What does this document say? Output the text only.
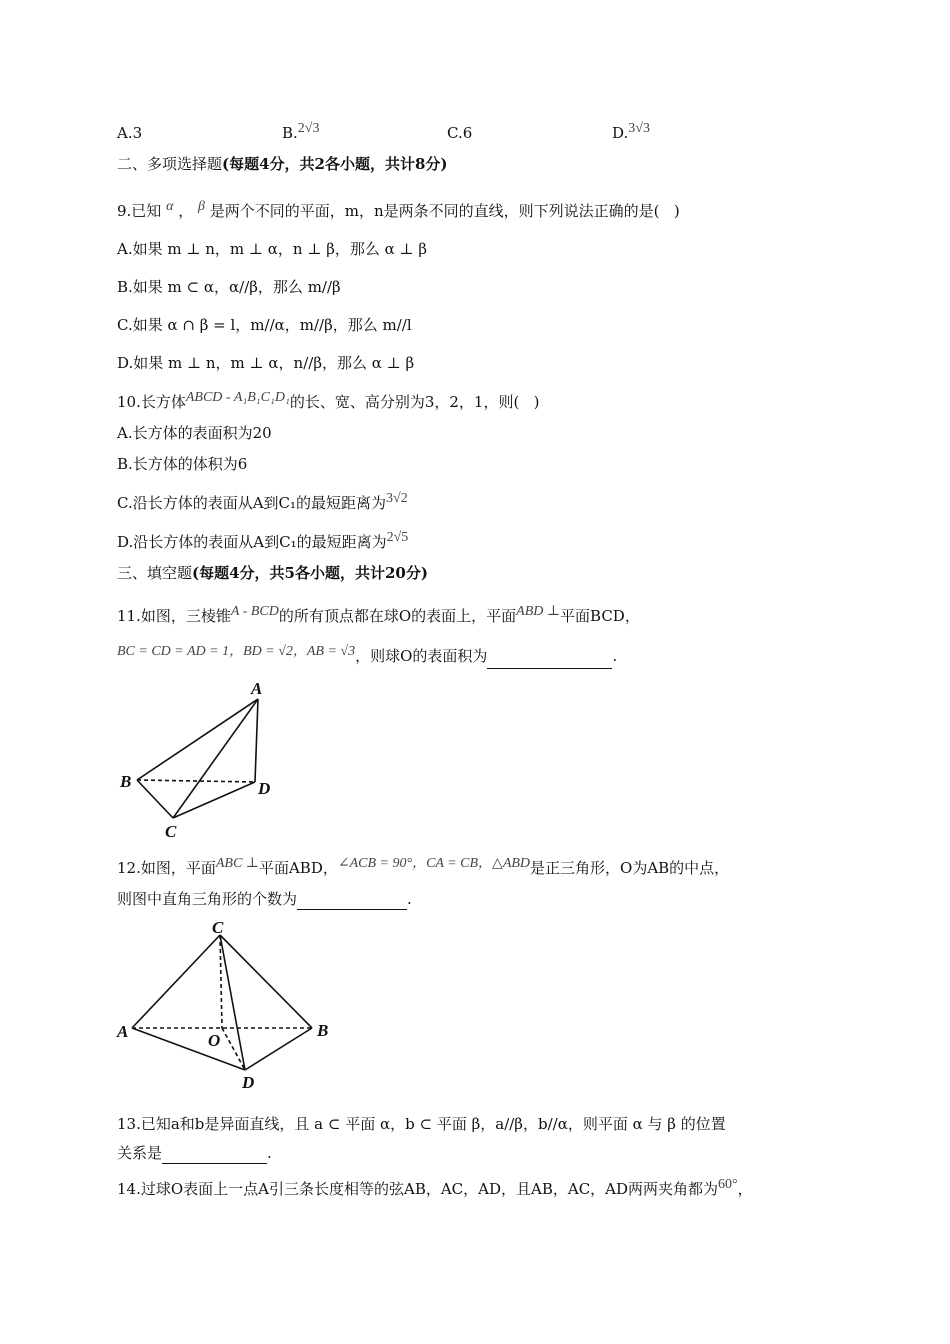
A.3	B.2√3	C.6	D.3√3
二、多项选择题(每题4分，共2各小题，共计8分)
9.已知 α ， β 是两个不同的平面，m，n是两条不同的直线，则下列说法正确的是(   )
A.如果 m ⊥ n，m ⊥ α，n ⊥ β，那么 α ⊥ β
B.如果 m ⊂ α，α//β，那么 m//β
C.如果 α ∩ β = l，m//α，m//β，那么 m//l
D.如果 m ⊥ n，m ⊥ α，n//β，那么 α ⊥ β
10.长方体ABCD - A₁B₁C₁D₁的长、宽、高分别为3，2，1，则(   )
A.长方体的表面积为20
B.长方体的体积为6
C.沿长方体的表面从A到C₁的最短距离为3√2
D.沿长方体的表面从A到C₁的最短距离为2√5
三、填空题(每题4分，共5各小题，共计20分)
11.如图，三棱锥A - BCD的所有顶点都在球O的表面上，平面ABD ⊥平面BCD，
BC = CD = AD = 1，BD = √2，AB = √3，则球O的表面积为	.
A
B
C
D
12.如图，平面ABC ⊥平面ABD，∠ACB = 90°，CA = CB，△ABD是正三角形，O为AB的中点，
则图中直角三角形的个数为	.
C
A	B
O
D
13.已知a和b是异面直线，且 a ⊂ 平面 α，b ⊂ 平面 β，a//β，b//α，则平面 α 与 β 的位置
关系是	.
14.过球O表面上一点A引三条长度相等的弦AB，AC，AD，且AB，AC，AD两两夹角都为60°，
